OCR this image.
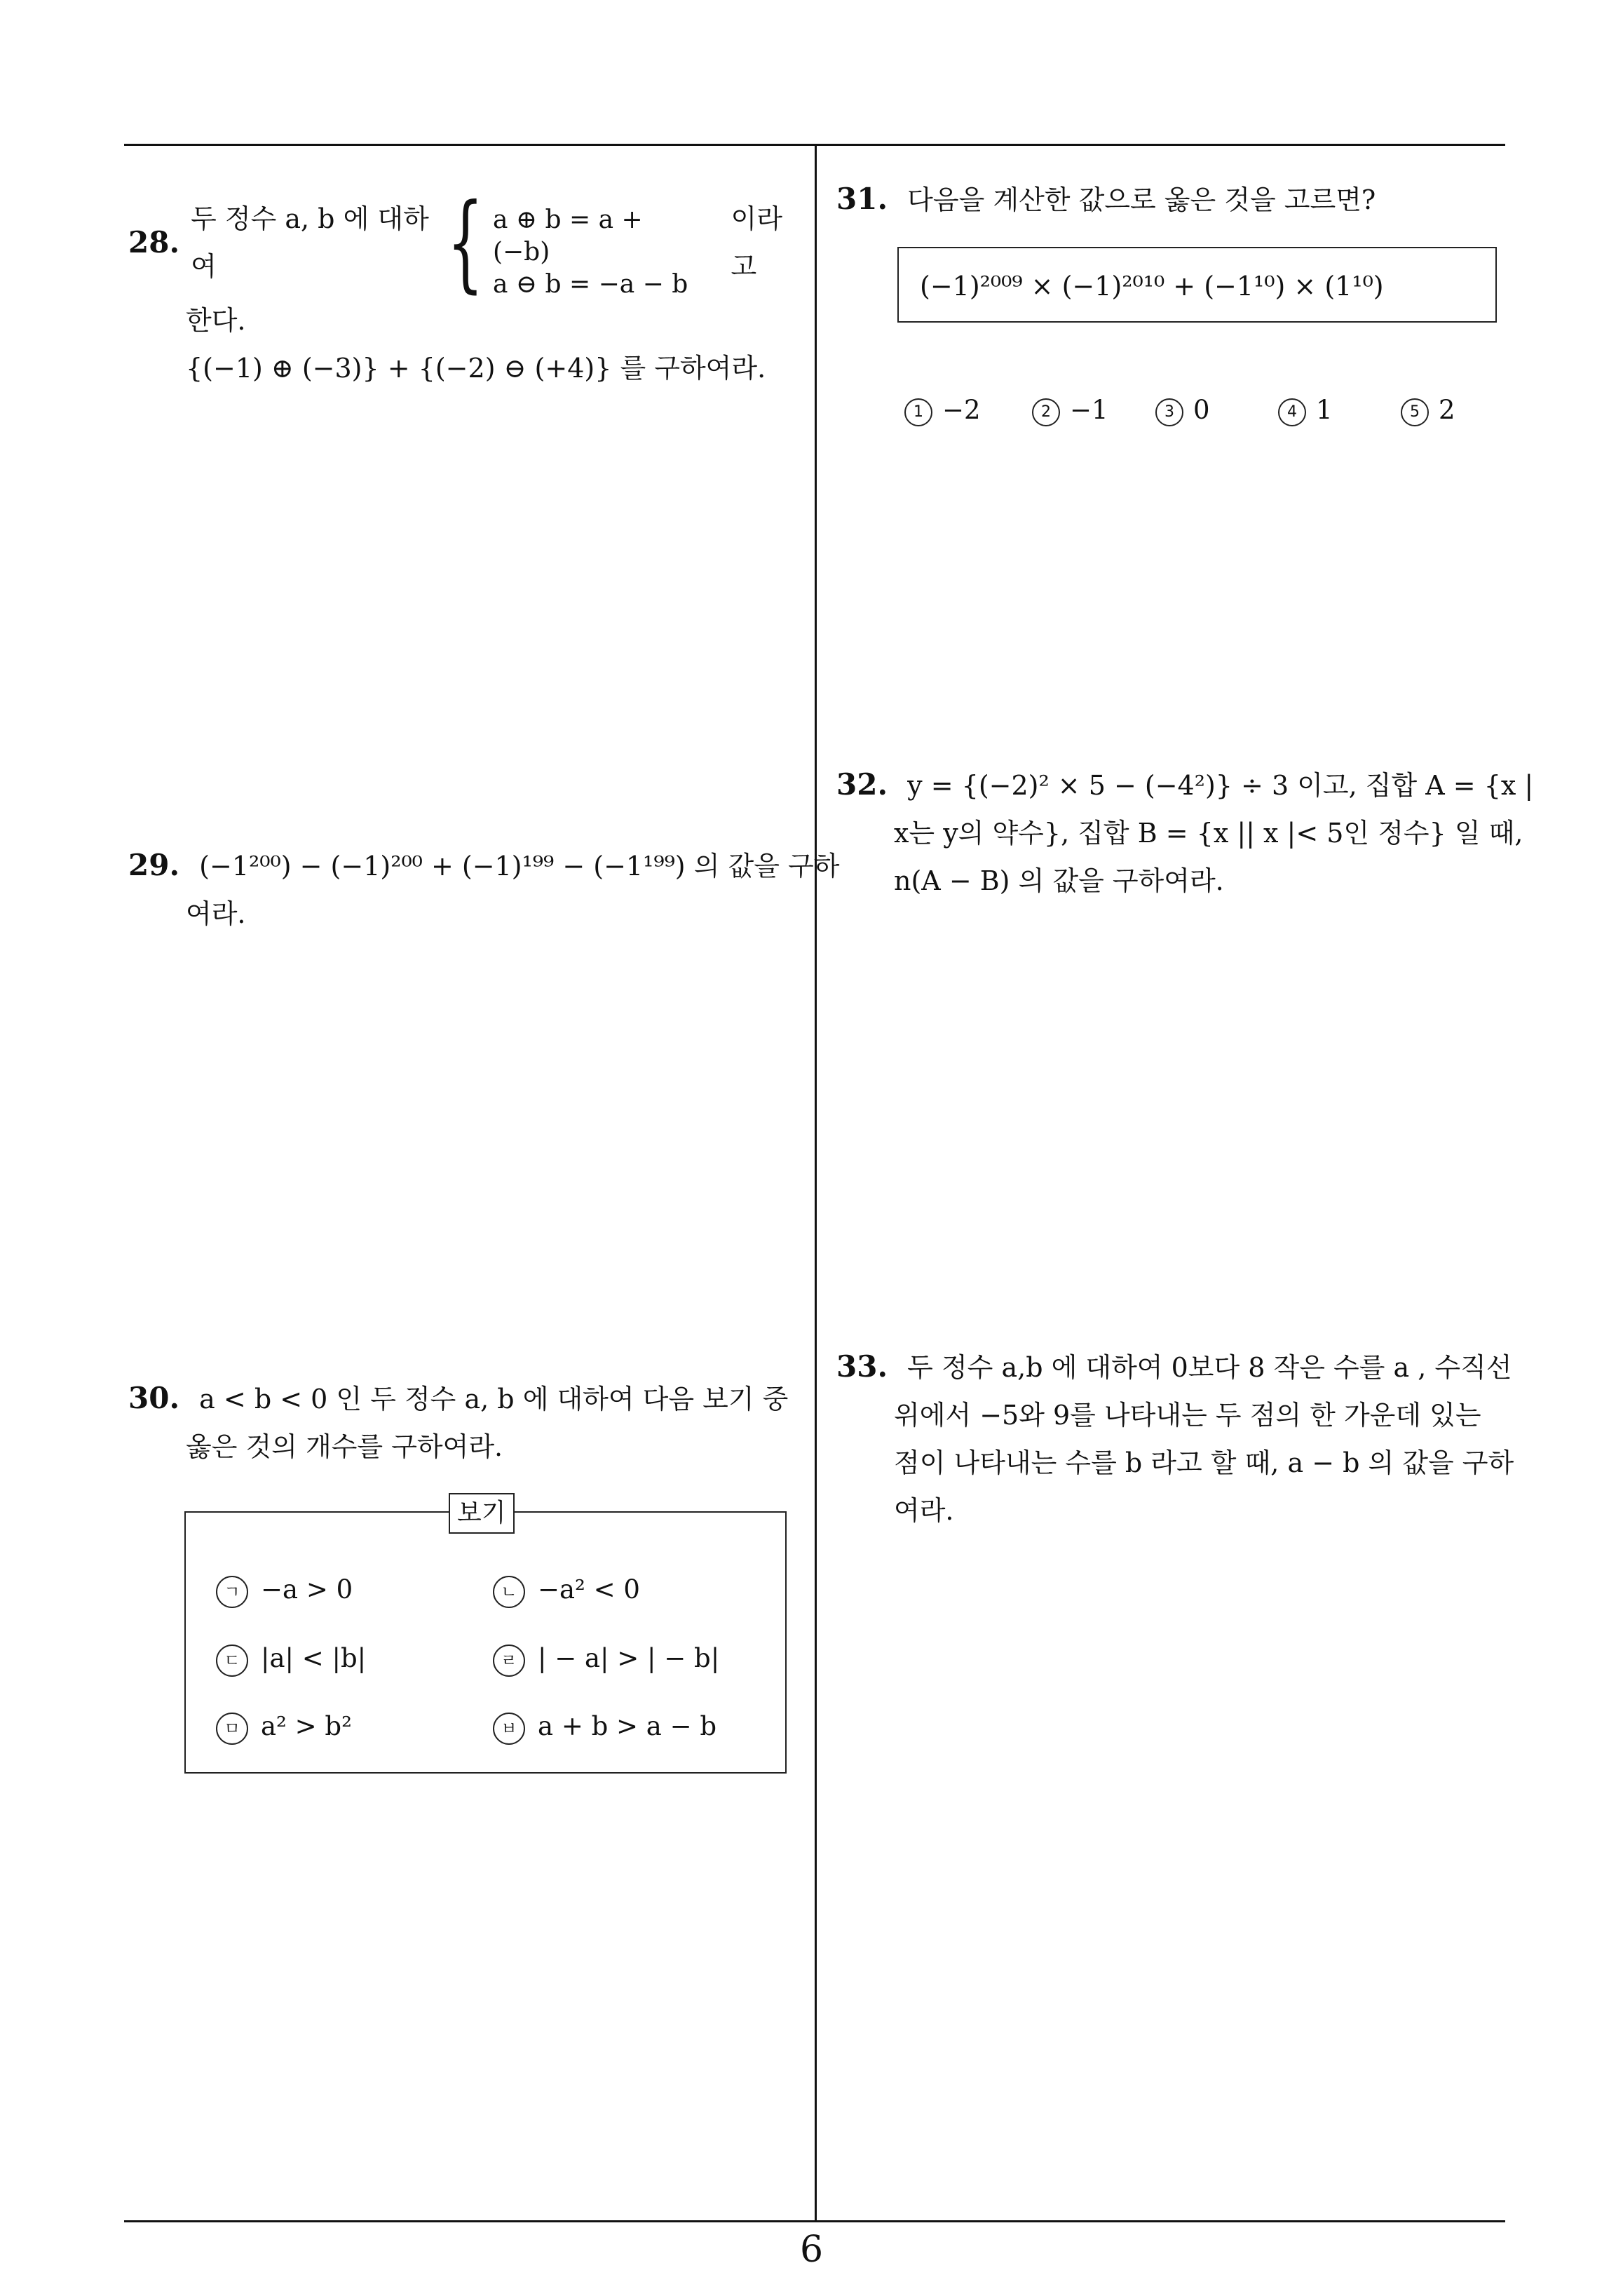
28.
두 정수 a, b 에 대하여	{ a ⊕ b = a + (−b)
a ⊖ b = −a − b
이라고
한다.
{(−1) ⊕ (−3)} + {(−2) ⊖ (+4)} 를 구하여라.
29. (−1²⁰⁰) − (−1)²⁰⁰ + (−1)¹⁹⁹ − (−1¹⁹⁹) 의 값을 구하
여라.
30. a < b < 0 인 두 정수 a, b 에 대하여 다음 보기 중
옳은 것의 개수를 구하여라.
보기
ㄱ −a > 0	ㄴ −a² < 0
ㄷ |a| < |b|	ㄹ | − a| > | − b|
ㅁ a² > b²	ㅂ a + b > a − b
31. 다음을 계산한 값으로 옳은 것을 고르면?
(−1)²⁰⁰⁹ × (−1)²⁰¹⁰ + (−1¹⁰) × (1¹⁰)
1 −2	2 −1	3 0	4 1	5 2
32. y = {(−2)² × 5 − (−4²)} ÷ 3 이고, 집합 A = {x |
x는 y의 약수}, 집합 B = {x || x |< 5인 정수} 일 때,
n(A − B) 의 값을 구하여라.
33. 두 정수 a,b 에 대하여 0보다 8 작은 수를 a , 수직선
위에서 −5와 9를 나타내는 두 점의 한 가운데 있는
점이 나타내는 수를 b 라고 할 때, a − b 의 값을 구하
여라.
6
